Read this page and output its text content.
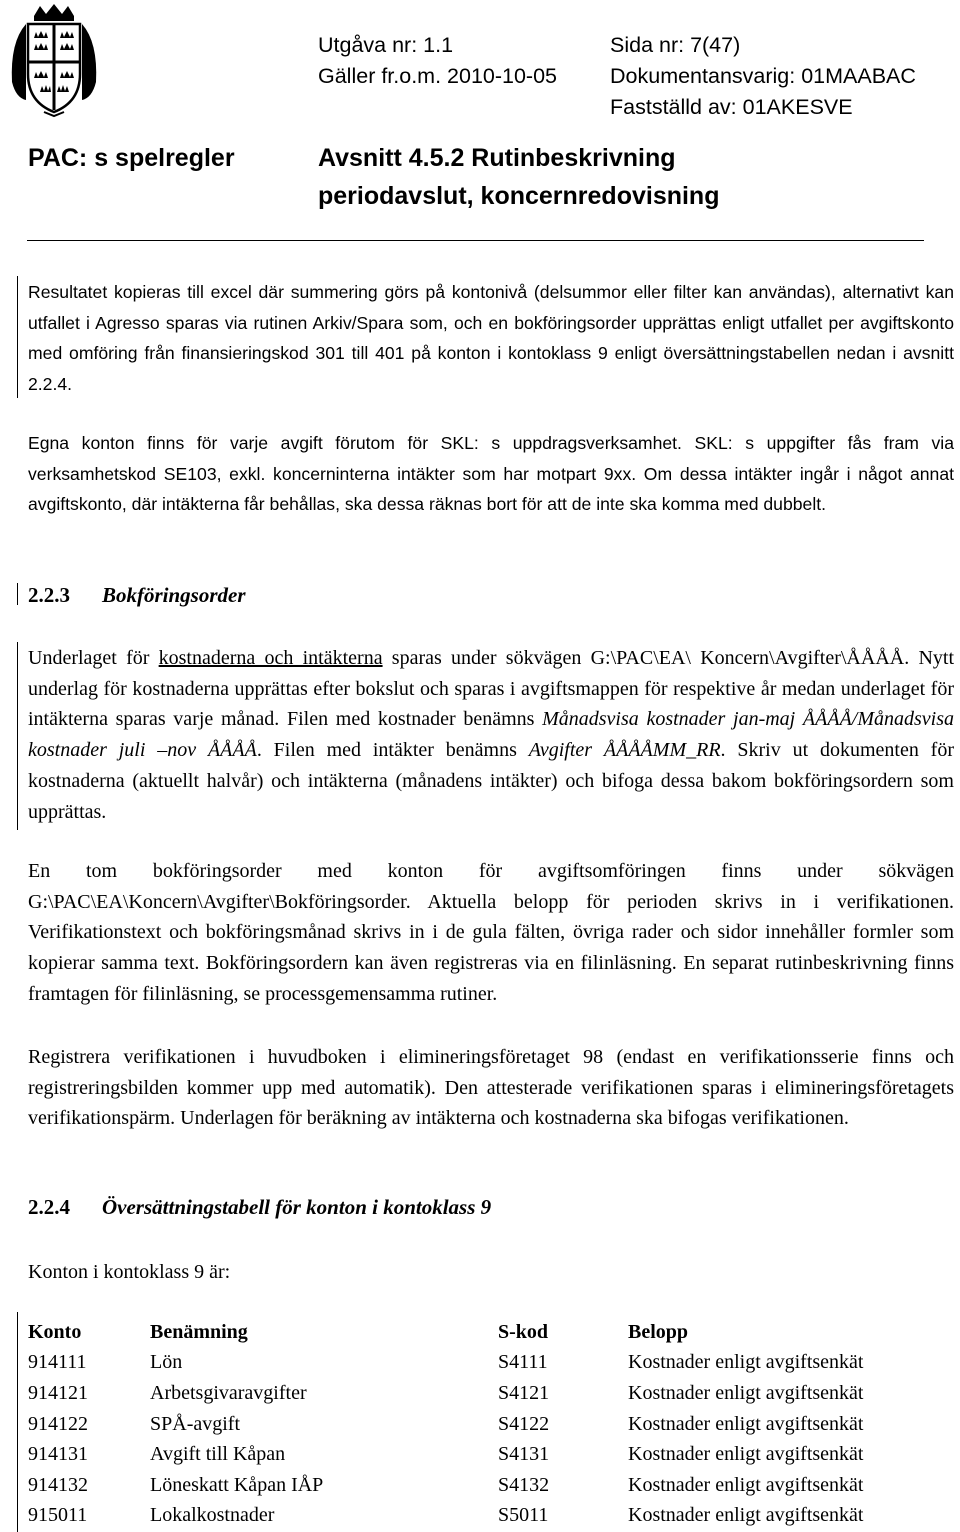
Utgåva nr: 1.1	Sida nr: 7(47)
Gäller fr.o.m. 2010-10-05 Dokumentansvarig: 01MAABAC
Fastställd av: 01AKESVE
PAC: s spelregler	Avsnitt 4.5.2 Rutinbeskrivning
periodavslut, koncernredovisning

Resultatet kopieras till excel där summering görs på kontonivå (delsummor eller filter kan användas), alternativt kan utfallet i Agresso sparas via rutinen Arkiv/Spara som, och en bokföringsorder upprättas enligt utfallet per avgiftskonto med omföring från finansieringskod 301 till 401 på konton i kontoklass 9 enligt översättningstabellen nedan i avsnitt 2.2.4.

Egna konton finns för varje avgift förutom för SKL: s uppdragsverksamhet. SKL: s uppgifter fås fram via verksamhetskod SE103, exkl. koncerninterna intäkter som har motpart 9xx. Om dessa intäkter ingår i något annat avgiftskonto, där intäkterna får behållas, ska dessa räknas bort för att de inte ska komma med dubbelt.

2.2.3 Bokföringsorder

Underlaget för kostnaderna och intäkterna sparas under sökvägen G:\PAC\EA\ Koncern\Avgifter\ÅÅÅÅ. Nytt underlag för kostnaderna upprättas efter bokslut och sparas i avgiftsmappen för respektive år medan underlaget för intäkterna sparas varje månad. Filen med kostnader benämns Månadsvisa kostnader jan-maj ÅÅÅÅ/Månadsvisa kostnader juli –nov ÅÅÅÅ. Filen med intäkter benämns Avgifter ÅÅÅÅMM_RR. Skriv ut dokumenten för kostnaderna (aktuellt halvår) och intäkterna (månadens intäkter) och bifoga dessa bakom bokföringsordern som upprättas.

En tom bokföringsorder med konton för avgiftsomföringen finns under sökvägen G:\PAC\EA\Koncern\Avgifter\Bokföringsorder. Aktuella belopp för perioden skrivs in i verifikationen. Verifikationstext och bokföringsmånad skrivs in i de gula fälten, övriga rader och sidor innehåller formler som kopierar samma text. Bokföringsordern kan även registreras via en filinläsning. En separat rutinbeskrivning finns framtagen för filinläsning, se processgemensamma rutiner.

Registrera verifikationen i huvudboken i elimineringsföretaget 98 (endast en verifikationsserie finns och registreringsbilden kommer upp med automatik). Den attesterade verifikationen sparas i elimineringsföretagets verifikationspärm. Underlagen för beräkning av intäkterna och kostnaderna ska bifogas verifikationen.

2.2.4 Översättningstabell för konton i kontoklass 9

Konton i kontoklass 9 är:

Konto	Benämning	S-kod	Belopp
914111	Lön	S4111	Kostnader enligt avgiftsenkät
914121	Arbetsgivaravgifter	S4121	Kostnader enligt avgiftsenkät
914122	SPÅ-avgift	S4122	Kostnader enligt avgiftsenkät
914131	Avgift till Kåpan	S4131	Kostnader enligt avgiftsenkät
914132	Löneskatt Kåpan IÅP	S4132	Kostnader enligt avgiftsenkät
915011	Lokalkostnader	S5011	Kostnader enligt avgiftsenkät
